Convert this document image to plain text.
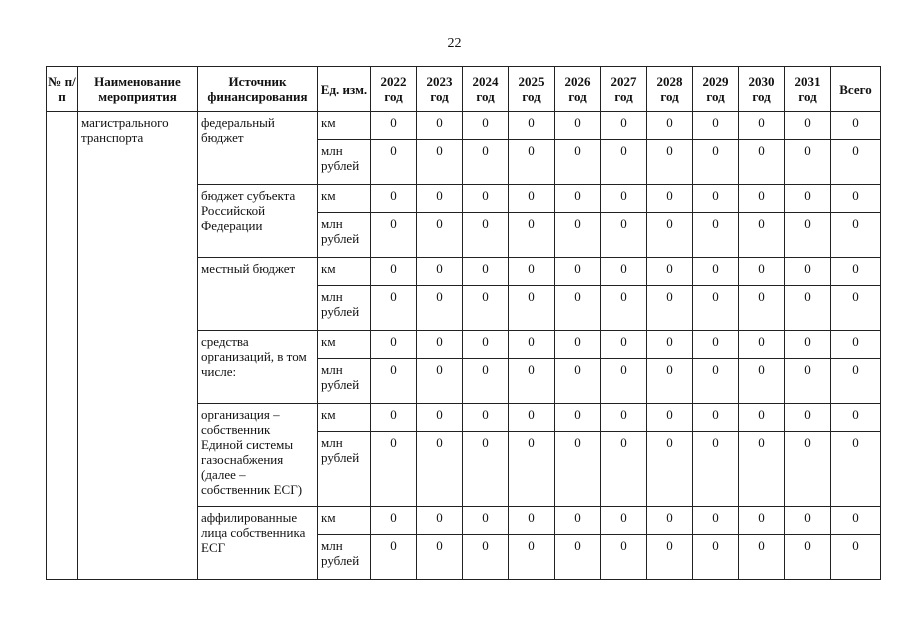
22
№ п/п	Наименование мероприятия	Источник финансирования	Ед. изм.	2022 год	2023 год	2024 год	2025 год	2026 год	2027 год	2028 год	2029 год	2030 год	2031 год	Всего
	магистрального транспорта	федеральный бюджет	км	0	0	0	0	0	0	0	0	0	0	0
			млн рублей	0	0	0	0	0	0	0	0	0	0	0
		бюджет субъекта Российской Федерации	км	0	0	0	0	0	0	0	0	0	0	0
			млн рублей	0	0	0	0	0	0	0	0	0	0	0
		местный бюджет	км	0	0	0	0	0	0	0	0	0	0	0
			млн рублей	0	0	0	0	0	0	0	0	0	0	0
		средства организаций, в том числе:	км	0	0	0	0	0	0	0	0	0	0	0
			млн рублей	0	0	0	0	0	0	0	0	0	0	0
		организация – собственник Единой системы газоснабжения (далее – собственник ЕСГ)	км	0	0	0	0	0	0	0	0	0	0	0
			млн рублей	0	0	0	0	0	0	0	0	0	0	0
		аффилированные лица собственника ЕСГ	км	0	0	0	0	0	0	0	0	0	0	0
			млн рублей	0	0	0	0	0	0	0	0	0	0	0
